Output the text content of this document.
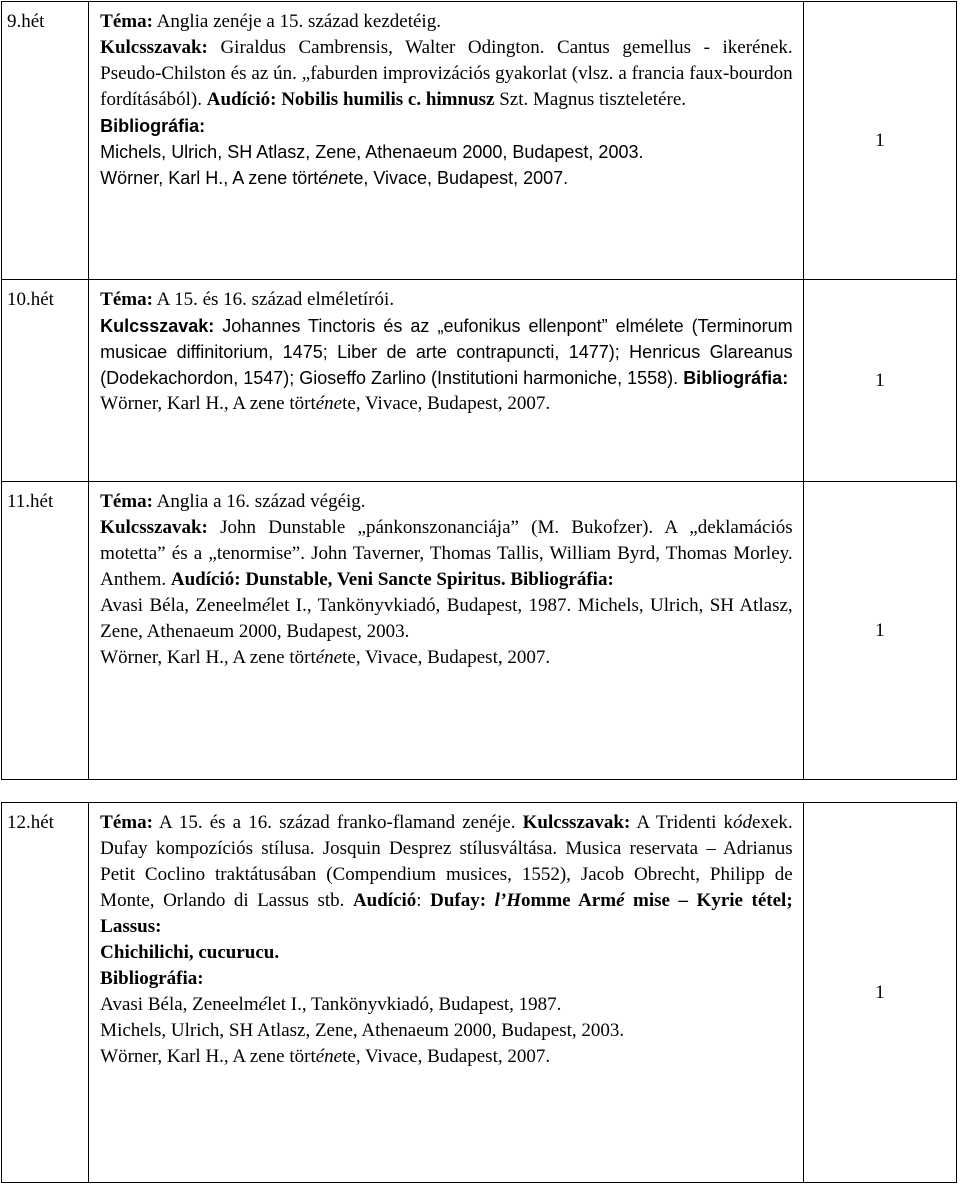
9.hét	Téma: Anglia zenéje a 15. század kezdetéig.

Kulcsszavak: Giraldus Cambrensis, Walter Odington. Cantus gemellus - ikerének. Pseudo-Chilston és az ún. „faburden improvizációs gyakorlat (vlsz. a francia faux-bourdon fordításából). Audíció: Nobilis humilis c. himnusz Szt. Magnus tiszteletére.

Bibliográfia:

Michels, Ulrich, SH Atlasz, Zene, Athenaeum 2000, Budapest, 2003.

Wörner, Karl H., A zene története, Vivace, Budapest, 2007.	1
10.hét	Téma: A 15. és 16. század elméletírói.

Kulcsszavak: Johannes Tinctoris és az „eufonikus ellenpont” elmélete (Terminorum musicae diffinitorium, 1475; Liber de arte contrapuncti, 1477); Henricus Glareanus (Dodekachordon, 1547); Gioseffo Zarlino (Institutioni harmoniche, 1558). Bibliográfia:

Wörner, Karl H., A zene története, Vivace, Budapest, 2007.	1
11.hét	Téma: Anglia a 16. század végéig.

Kulcsszavak: John Dunstable „pánkonszonanciája” (M. Bukofzer). A „deklamációs motetta” és a „tenormise”. John Taverner, Thomas Tallis, William Byrd, Thomas Morley. Anthem. Audíció: Dunstable, Veni Sancte Spiritus. Bibliográfia:

Avasi Béla, Zeneelmélet I., Tankönyvkiadó, Budapest, 1987. Michels, Ulrich, SH Atlasz, Zene, Athenaeum 2000, Budapest, 2003.

Wörner, Karl H., A zene története, Vivace, Budapest, 2007.	1
12.hét	Téma: A 15. és a 16. század franko-flamand zenéje. Kulcsszavak: A Tridenti kódexek. Dufay kompozíciós stílusa. Josquin Desprez stílusváltása. Musica reservata – Adrianus Petit Coclino traktátusában (Compendium musices, 1552), Jacob Obrecht, Philipp de Monte, Orlando di Lassus stb. Audíció: Dufay: l’Homme Armé mise – Kyrie tétel; Lassus:

Chichilichi, cucurucu.

Bibliográfia:

Avasi Béla, Zeneelmélet I., Tankönyvkiadó, Budapest, 1987.

Michels, Ulrich, SH Atlasz, Zene, Athenaeum 2000, Budapest, 2003.

Wörner, Karl H., A zene története, Vivace, Budapest, 2007.

	1
